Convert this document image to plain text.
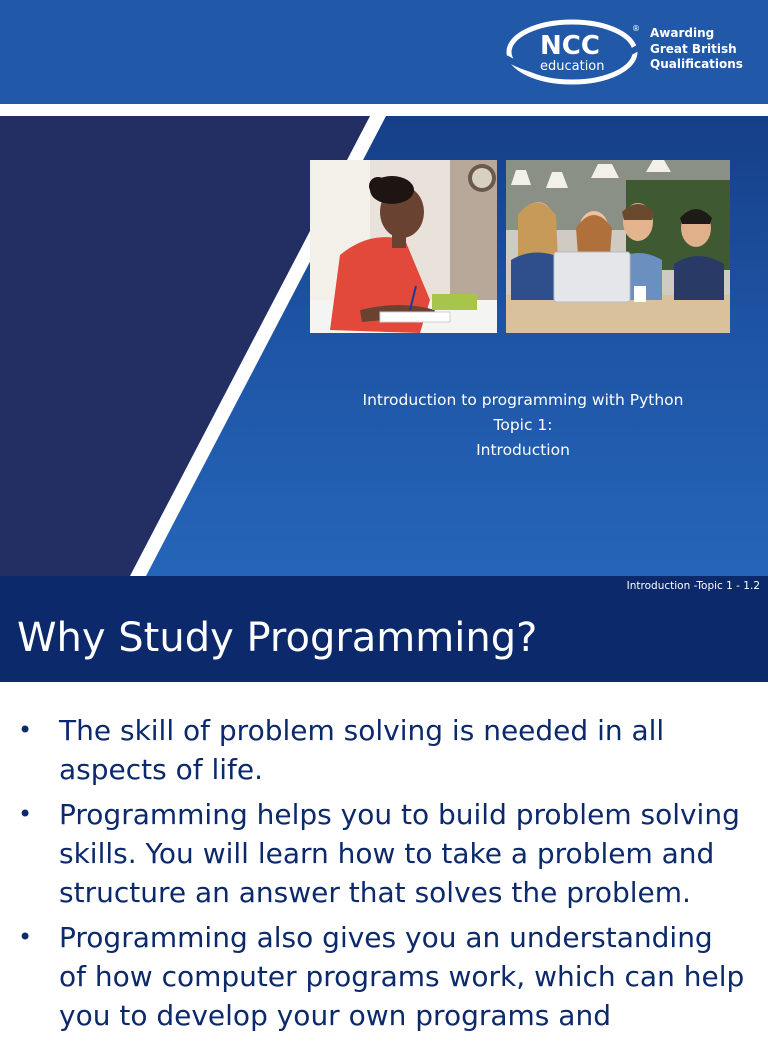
NCC
education
® Awarding
Great British
Qualifications
Introduction to programming with Python
Topic 1:
Introduction
Introduction -Topic 1 - 1.2
Why Study Programming?
• The skill of problem solving is needed in all aspects of life.
• Programming helps you to build problem solving skills. You will learn how to take a problem and structure an answer that solves the problem.
• Programming also gives you an understanding of how computer programs work, which can help you to develop your own programs and
